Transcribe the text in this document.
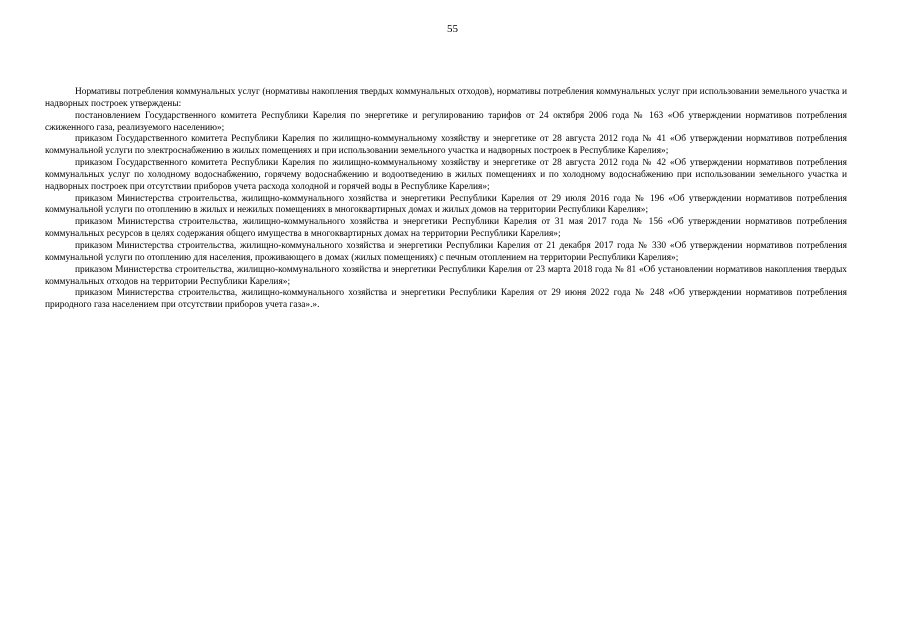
55

Нормативы потребления коммунальных услуг (нормативы накопления твердых коммунальных отходов), нормативы потребления коммунальных услуг при использовании земельного участка и надворных построек утверждены:

постановлением Государственного комитета Республики Карелия по энергетике и регулированию тарифов от 24 октября 2006 года № 163 «Об утверждении нормативов потребления сжиженного газа, реализуемого населению»;

приказом Государственного комитета Республики Карелия по жилищно-коммунальному хозяйству и энергетике от 28 августа 2012 года № 41 «Об утверждении нормативов потребления коммунальной услуги по электроснабжению в жилых помещениях и при использовании земельного участка и надворных построек в Республике Карелия»;

приказом Государственного комитета Республики Карелия по жилищно-коммунальному хозяйству и энергетике от 28 августа 2012 года № 42 «Об утверждении нормативов потребления коммунальных услуг по холодному водоснабжению, горячему водоснабжению и водоотведению в жилых помещениях и по холодному водоснабжению при использовании земельного участка и надворных построек при отсутствии приборов учета расхода холодной и горячей воды в Республике Карелия»;

приказом Министерства строительства, жилищно-коммунального хозяйства и энергетики Республики Карелия от 29 июля 2016 года № 196 «Об утверждении нормативов потребления коммунальной услуги по отоплению в жилых и нежилых помещениях в многоквартирных домах и жилых домов на территории Республики Карелия»;

приказом Министерства строительства, жилищно-коммунального хозяйства и энергетики Республики Карелия от 31 мая 2017 года № 156 «Об утверждении нормативов потребления коммунальных ресурсов в целях содержания общего имущества в многоквартирных домах на территории Республики Карелия»;

приказом Министерства строительства, жилищно-коммунального хозяйства и энергетики Республики Карелия от 21 декабря 2017 года № 330 «Об утверждении нормативов потребления коммунальной услуги по отоплению для населения, проживающего в домах (жилых помещениях) с печным отоплением на территории Республики Карелия»;

приказом Министерства строительства, жилищно-коммунального хозяйства и энергетики Республики Карелия от 23 марта 2018 года № 81 «Об установлении нормативов накопления твердых коммунальных отходов на территории Республики Карелия»;

приказом Министерства строительства, жилищно-коммунального хозяйства и энергетики Республики Карелия от 29 июня 2022 года № 248 «Об утверждении нормативов потребления природного газа населением при отсутствии приборов учета газа».».
